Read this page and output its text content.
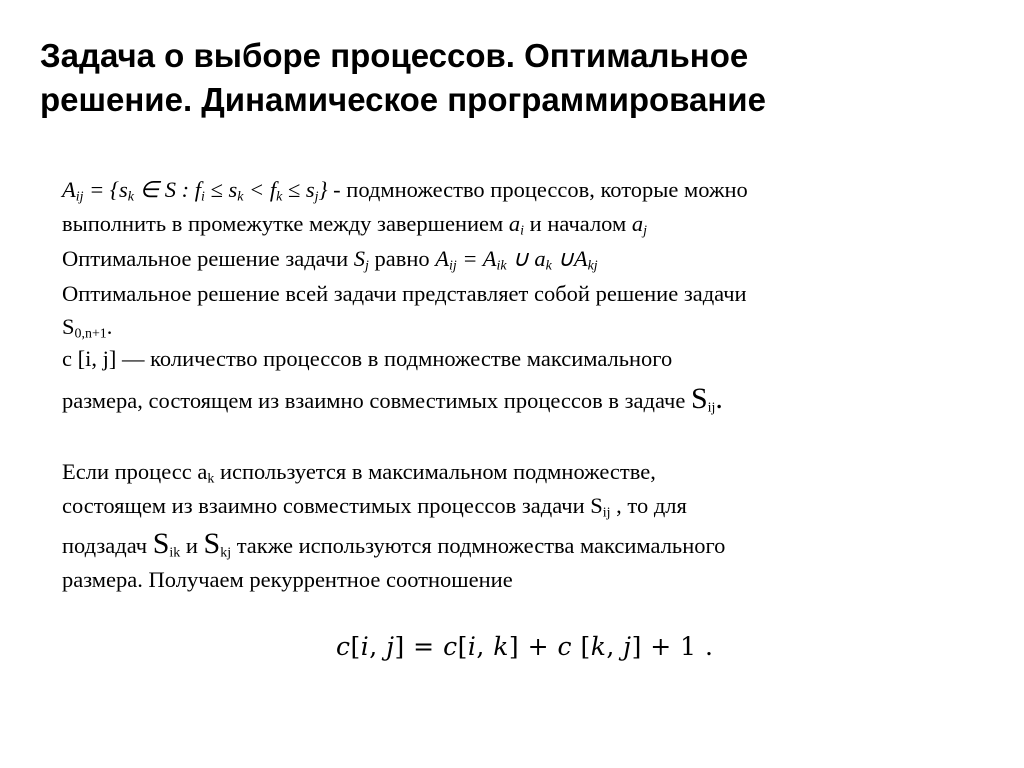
Задача о выборе процессов. Оптимальное
решение. Динамическое программирование
$A_{ij} = \{s_k$ ∈ S : $f_i \le s_k < f_k \le s_j$} - подмножество процессов, которые можно
выполнить в промежутке между завершением $a_i$ и началом $a_j$
Оптимальное решение задачи $S_j$ равно $A_{ij} = A_{ik}$ ∪ $a_k$ $\cup A_{kj}$
Оптимальное решение всей задачи представляет собой решение задачи
$S_{0,n+1}$.
c [i, j] — количество процессов в подмножестве максимального
размера, состоящем из взаимно совместимых процессов в задаче $S_{ij}$.
Если процесс $a_k$ используется в максимальном подмножестве,
состоящем из взаимно совместимых процессов задачи $S_{ij}$ , то для
подзадач $S_{ik}$ и $S_{kj}$ также используются подмножества максимального
размера. Получаем рекуррентное соотношение
c[i, j] = c[i, k] + c [k, j] + 1 .
